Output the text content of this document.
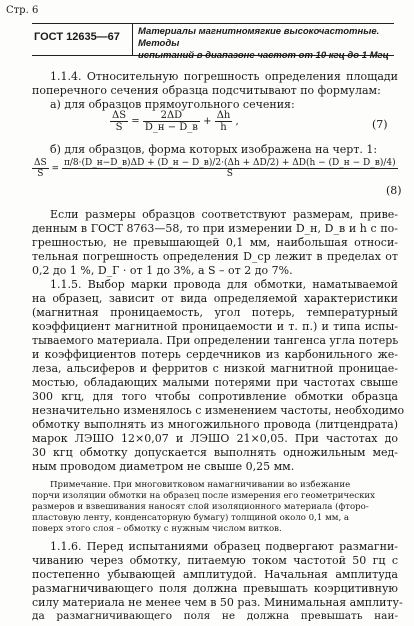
Стр. 6
ГОСТ 12635—67 Материалы магнитномягкие высокочастотные. Методы
испытаний в диапазоне частот от 10 кгц до 1 Мгц
1.1.4. Относительную погрешность определения площади
поперечного сечения образца подсчитывают по формулам:
а) для образцов прямоугольного сечения:
$\frac{\Delta S}{S} = \frac{2\Delta D}{D\_н - D\_в} + \frac{\Delta h}{h}$ ,	(7)
б) для образцов, форма которых изображена на черт. 1:
$\frac{\Delta S}{S}$ =
π/8·(D_н−D_в)ΔD + (D_н − D_в)/2·(Δh + ΔD/2) + ΔD(h − (D_н − D_в)/4)
S
(8)
Если размеры образцов соответствуют размерам, приве-
денным в ГОСТ 8763—58, то при измерении D_н, D_в и h с по-
грешностью, не превышающей 0,1 мм, наибольшая относи-
тельная погрешность определения D_ср лежит в пределах от
0,2 до 1 %, D_Г · от 1 до 3%, а S – от 2 до 7%.
1.1.5. Выбор марки провода для обмотки, наматываемой
на образец, зависит от вида определяемой характеристики
(магнитная проницаемость, угол потерь, температурный
коэффициент магнитной проницаемости и т. п.) и типа испы-
тываемого материала. При определении тангенса угла потерь
и коэффициентов потерь сердечников из карбонильного же-
леза, альсиферов и ферритов с низкой магнитной проницае-
мостью, обладающих малыми потерями при частотах свыше
300 кгц, для того чтобы сопротивление обмотки образца
незначительно изменялось с изменением частоты, необходимо
обмотку выполнять из многожильного провода (литцендрата)
марок ЛЭШО 12×0,07 и ЛЭШО 21×0,05. При частотах до
30 кгц обмотку допускается выполнять одножильным мед-
ным проводом диаметром не свыше 0,25 мм.
Примечание. При многовитковом намагничивании во избежание
порчи изоляции обмотки на образец после измерения его геометрических
размеров и взвешивания наносят слой изоляционного материала (фторо-
пластовую ленту, конденсаторную бумагу) толщиной около 0,1 мм, а
поверх этого слоя – обмотку с нужным числом витков.
1.1.6. Перед испытаниями образец подвергают размагни-
чиванию через обмотку, питаемую током частотой 50 гц с
постепенно убывающей амплитудой. Начальная амплитуда
размагничивающего поля должна превышать коэрцитивную
силу материала не менее чем в 50 раз. Минимальная амплиту-
да размагничивающего поля не должна превышать наи-
